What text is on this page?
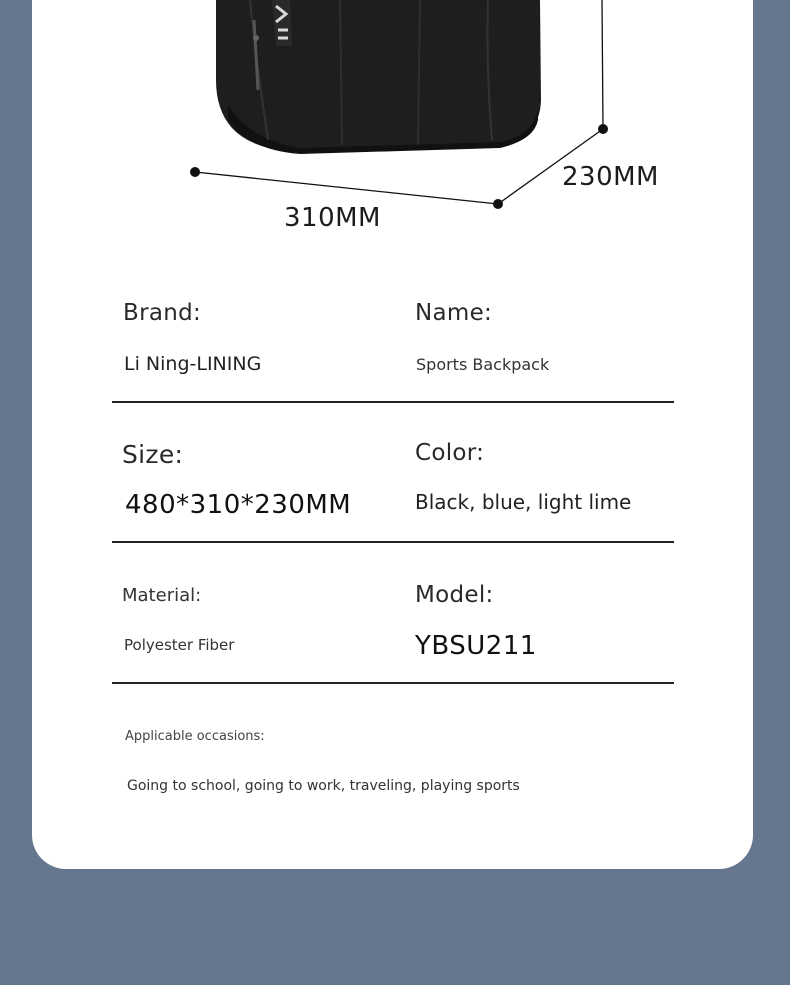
310MM
230MM
Brand:
Li Ning-LINING
Name:
Sports Backpack
Size:
480*310*230MM
Color:
Black, blue, light lime
Material:
Polyester Fiber
Model:
YBSU211
Applicable occasions:
Going to school, going to work, traveling, playing sports
